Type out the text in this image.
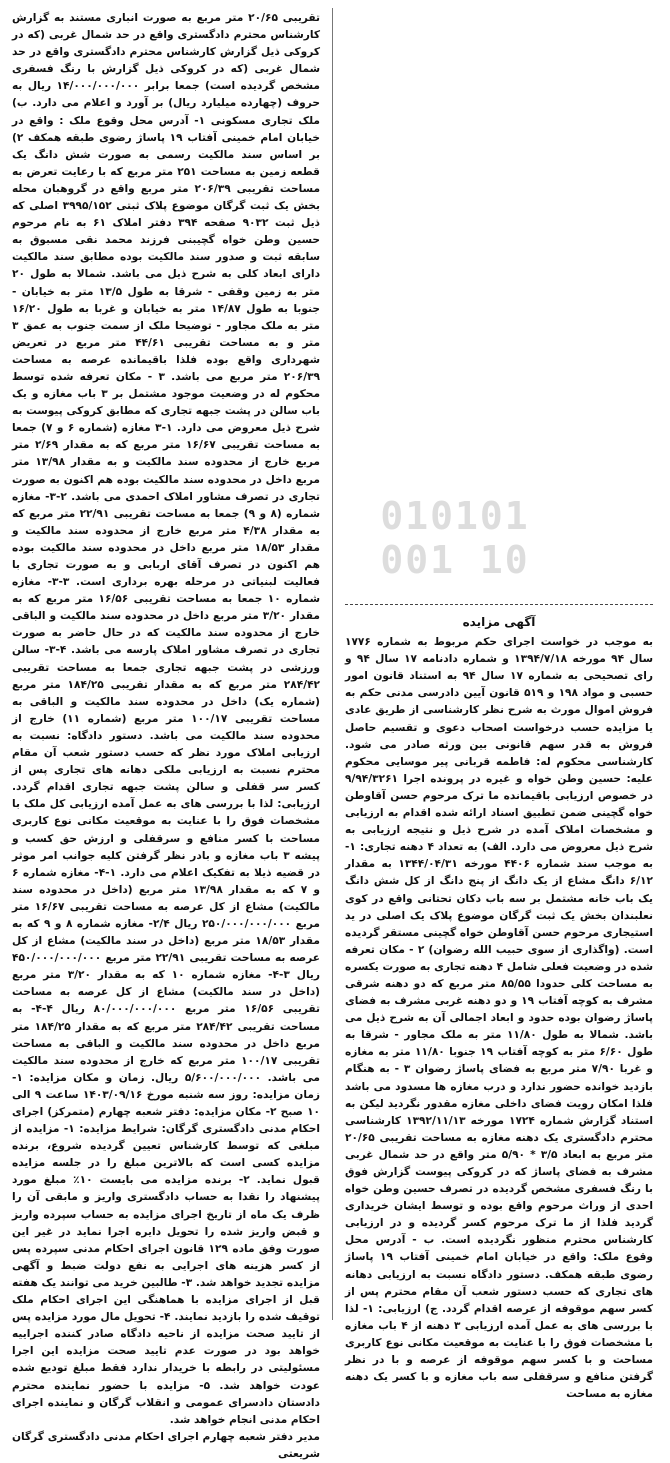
تقریبی ۲۰/۶۵ متر مربع به صورت انباری مستند به گزارش کارشناس محترم دادگستری واقع در حد شمال غربی (که در کروکی ذیل گزارش کارشناس محترم دادگستری واقع در حد شمال غربی (که در کروکی ذیل گزارش با رنگ فسفری مشخص گردیده است) جمعا برابر ۱۴/۰۰۰/۰۰۰/۰۰۰ ریال به حروف (چهارده میلیارد ریال) بر آورد و اعلام می دارد. ب) ملک تجاری مسکونی ۱- آدرس محل وقوع ملک : واقع در خیابان امام خمینی آفتاب ۱۹ پاساژ رضوی طبقه همکف ۲) بر اساس سند مالکیت رسمی به صورت شش دانگ یک قطعه زمین به مساحت ۲۵۱ متر مربع که با رعایت تعرض به مساحت تقریبی ۲۰۶/۳۹ متر مربع واقع در گروهبان محله بخش یک ثبت گرگان موضوع پلاک ثبتی ۳۹۹۵/۱۵۲ اصلی که ذیل ثبت ۹۰۳۲ صفحه ۳۹۴ دفتر املاک ۶۱ به نام مرحوم حسین وطن خواه گچیبنی فرزند محمد نقی مسبوق به سابقه ثبت و صدور سند مالکیت بوده مطابق سند مالکیت دارای ابعاد کلی به شرح ذیل می باشد. شمالا به طول ۲۰ متر به زمین وقفی - شرقا به طول ۱۳/۵ متر به خیابان - جنوبا به طول ۱۴/۸۷ متر به خیابان و غربا به طول ۱۶/۲۰ متر به ملک مجاور - توضیحا ملک از سمت جنوب به عمق ۳ متر و به مساحت تقریبی ۴۴/۶۱ متر مربع در تعریض شهرداری واقع بوده فلذا باقیمانده عرصه به مساحت ۲۰۶/۳۹ متر مربع می باشد. ۳ - مکان تعرفه شده توسط محکوم له در وضعیت موجود مشتمل بر ۳ باب مغازه و یک باب سالن در پشت جبهه تجاری که مطابق کروکی پیوست به شرح ذیل معروض می دارد. ۱-۳ مغازه (شماره ۶ و ۷) جمعا به مساحت تقریبی ۱۶/۶۷ متر مربع که به مقدار ۲/۶۹ متر مربع خارج از محدوده سند مالکیت و به مقدار ۱۳/۹۸ متر مربع داخل در محدوده سند مالکیت بوده هم اکنون به صورت تجاری در تصرف مشاور املاک احمدی می باشد. ۲-۳- مغازه شماره (۸ و ۹) جمعا به مساحت تقریبی ۲۲/۹۱ متر مربع که به مقدار ۴/۳۸ متر مربع خارج از محدوده سند مالکیت و مقدار ۱۸/۵۳ متر مربع داخل در محدوده سند مالکیت بوده هم اکنون در تصرف آقای اربابی و به صورت تجاری با فعالیت لبنیاتی در مرحله بهره برداری است. ۳-۳- مغازه شماره ۱۰ جمعا به مساحت تقریبی ۱۶/۵۶ متر مربع که به مقدار ۳/۲۰ متر مربع داخل در محدوده سند مالکیت و الباقی خارج از محدوده سند مالکیت که در حال حاضر به صورت تجاری در تصرف مشاور املاک پارسه می باشد. ۴-۳- سالن ورزشی در پشت جبهه تجاری جمعا به مساحت تقریبی ۲۸۴/۴۲ متر مربع که به مقدار تقریبی ۱۸۴/۲۵ متر مربع (شماره یک) داخل در محدوده سند مالکیت و الباقی به مساحت تقریبی ۱۰۰/۱۷ متر مربع (شماره ۱۱) خارج از محدوده سند مالکیت می باشد. دستور دادگاه: نسبت به ارزیابی املاک مورد نظر که حسب دستور شعب آن مقام محترم نسبت به ارزیابی ملکی دهانه های تجاری پس از کسر سر قفلی و سالن پشت جبهه تجاری اقدام گردد. ارزیابی: لذا با بررسی های به عمل آمده ارزیابی کل ملک با مشخصات فوق را با عنایت به موقعیت مکانی نوع کاربری مساحت با کسر منافع و سرقفلی و ارزش حق کسب و پیشه ۳ باب مغازه و بادر نظر گرفتن کلیه جوانب امر موثر در قضیه ذیلا به تفکیک اعلام می دارد. ۱-۴- مغازه شماره ۶ و ۷ که به مقدار ۱۳/۹۸ متر مربع (داخل در محدوده سند مالکیت) مشاع از کل عرصه به مساحت تقریبی ۱۶/۶۷ متر مربع ۲۵۰/۰۰۰/۰۰۰/۰۰۰ ریال ۲/۴- مغازه شماره ۸ و ۹ که به مقدار ۱۸/۵۳ متر مربع (داخل در سند مالکیت) مشاع از کل عرصه به مساحت تقریبی ۲۲/۹۱ متر مربع ۴۵۰/۰۰۰/۰۰۰/۰۰۰ ریال ۳-۴- مغازه شماره ۱۰ که به مقدار ۳/۲۰ متر مربع (داخل در سند مالکیت) مشاع از کل عرصه به مساحت تقریبی ۱۶/۵۶ متر مربع ۸۰/۰۰۰/۰۰۰/۰۰۰ ریال ۴-۴- به مساحت تقریبی ۲۸۴/۴۲ متر مربع که به مقدار ۱۸۴/۲۵ متر مربع داخل در محدوده سند مالکیت و الباقی به مساحت تقریبی ۱۰۰/۱۷ متر مربع که خارج از محدوده سند مالکیت می باشد. ۵/۶۰۰/۰۰۰/۰۰۰ ریال. زمان و مکان مزایده: ۱- زمان مزایده: روز سه شنبه مورخ ۱۴۰۳/۰۹/۱۶ ساعت ۹ الی ۱۰ صبح ۲- مکان مزایده: دفتر شعبه چهارم (متمرکز) اجرای احکام مدنی دادگستری گرگان: شرایط مزایده: ۱- مزایده از مبلغی که توسط کارشناس تعیین گردیده شروع، برنده مزایده کسی است که بالاترین مبلغ را در جلسه مزایده قبول نماید. ۲- برنده مزایده می بایست ۱۰٪ مبلغ مورد پیشنهاد را نقدا به حساب دادگستری واریز و مابقی آن را ظرف یک ماه از تاریخ اجرای مزایده به حساب سپرده واریز و قبض واریز شده را تحویل دایره اجرا نماید در غیر این صورت وفق ماده ۱۲۹ قانون اجرای احکام مدنی سپرده پس از کسر هزینه های اجرایی به نفع دولت ضبط و آگهی مزایده تجدید خواهد شد. ۳- طالبین خرید می توانند یک هفته قبل از اجرای مزایده با هماهنگی این اجرای احکام ملک توقیف شده را بازدید نمایند. ۴- تحویل مال مورد مزایده پس از تایید صحت مزایده از ناحیه دادگاه صادر کننده اجراییه خواهد بود در صورت عدم تایید صحت مزایده این اجرا مسئولیتی در رابطه با خریدار ندارد فقط مبلغ تودیع شده عودت خواهد شد. ۵- مزایده با حضور نماینده محترم دادستان دادسرای عمومی و انقلاب گرگان و نماینده اجرای احکام مدنی انجام خواهد شد.

مدیر دفتر شعبه چهارم اجرای احکام مدنی دادگستری گرگان شریعتی

010101
001 10
آگهی مزایده

به موجب در خواست اجرای حکم مربوط به شماره ۱۷۷۶ سال ۹۴ مورخه ۱۳۹۴/۷/۱۸ و شماره دادنامه ۱۷ سال ۹۴ و رای تصحیحی به شماره ۱۷ سال ۹۴ به استناد قانون امور حسبی و مواد ۱۹۸ و ۵۱۹ قانون آیین دادرسی مدنی حکم به فروش اموال مورث به شرح نظر کارشناسی از طریق عادی یا مزایده حسب درخواست اصحاب دعوی و تقسیم حاصل فروش به قدر سهم قانونی بین ورثه صادر می شود. کارشناسی محکوم له: فاطمه قربانی پیر موسایی محکوم علیه: حسین وطن خواه و غیره در پرونده اجرا ۹/۹۴/۳۲۶۱ در خصوص ارزیابی باقیمانده ما ترک مرحوم حسن آقاوطن خواه گچینی ضمن تطبیق اسناد ارائه شده اقدام به ارزیابی و مشخصات املاک آمده در شرح ذیل و نتیجه ارزیابی به شرح ذیل معروض می دارد. الف) به تعداد ۴ دهنه تجاری: ۱- به موجب سند شماره ۴۴۰۶ مورخه ۱۳۴۴/۰۴/۳۱ به مقدار ۶/۱۲ دانگ مشاع از یک دانگ از پنج دانگ از کل شش دانگ یک باب خانه مشتمل بر سه باب دکان تحتانی واقع در کوی نعلبندان بخش یک ثبت گرگان موضوع پلاک یک اصلی در ید استیجاری مرحوم حسن آقاوطن خواه گچینی مستقر گردیده است. (واگذاری از سوی حبیب الله رضوان) ۲ - مکان تعرفه شده در وضعیت فعلی شامل ۴ دهنه تجاری به صورت یکسره به مساحت کلی حدودا ۸۵/۵۵ متر مربع که دو دهنه شرقی مشرف به کوچه آفتاب ۱۹ و دو دهنه غربی مشرف به فضای پاساژ رضوان بوده حدود و ابعاد اجمالی آن به شرح ذیل می باشد. شمالا به طول ۱۱/۸۰ متر به ملک مجاور - شرقا به طول ۶/۶۰ متر به کوچه آفتاب ۱۹ جنوبا ۱۱/۸۰ متر به مغازه و غربا ۷/۹۰ متر مربع به فضای پاساژ رضوان ۳ - به هنگام بازدید خوانده حضور ندارد و درب مغازه ها مسدود می باشد فلذا امکان رویت فضای داخلی مغازه مقدور نگردید لیکن به استناد گزارش شماره ۱۷۲۴ مورخه ۱۳۹۲/۱۱/۱۳ کارشناسی محترم دادگستری یک دهنه مغازه به مساحت تقریبی ۲۰/۶۵ متر مربع به ابعاد ۳/۵ * ۵/۹۰ متر واقع در حد شمال غربی مشرف به فضای پاساژ که در کروکی پیوست گزارش فوق با رنگ فسفری مشخص گردیده در تصرف حسین وطن خواه احدی از وراث مرحوم واقع بوده و توسط ایشان خریداری گردید فلذا از ما ترک مرحوم کسر گردیده و در ارزیابی کارشناس محترم منظور نگردیده است. ب - آدرس محل وقوع ملک: واقع در خیابان امام خمینی آفتاب ۱۹ پاساژ رضوی طبقه همکف. دستور دادگاه نسبت به ارزیابی دهانه های تجاری که حسب دستور شعب آن مقام محترم پس از کسر سهم موقوفه از عرصه اقدام گردد. ج) ارزیابی: ۱- لذا با بررسی های به عمل آمده ارزیابی ۳ دهنه از ۴ باب مغازه با مشخصات فوق را با عنایت به موقعیت مکانی نوع کاربری مساحت و با کسر سهم موقوفه از عرصه و با در نظر گرفتن منافع و سرقفلی سه باب مغازه و با کسر یک دهنه مغازه به مساحت
